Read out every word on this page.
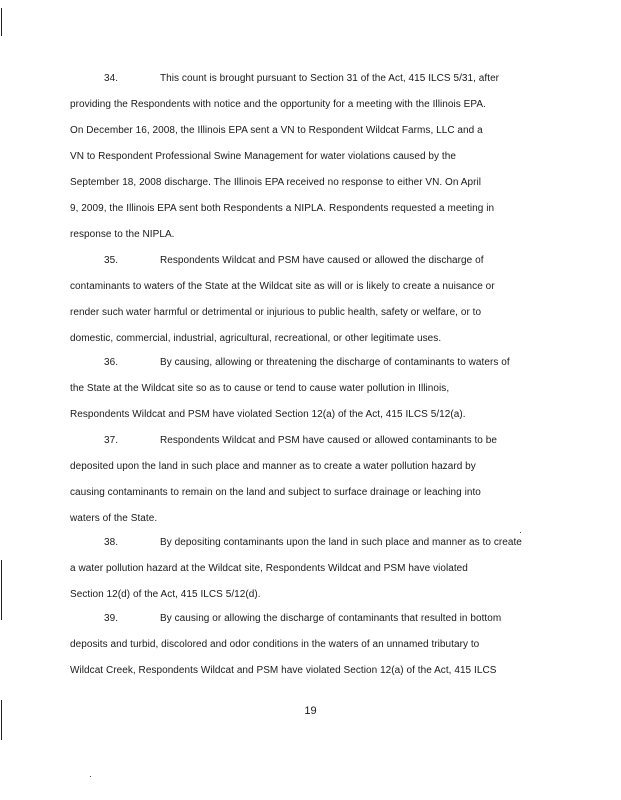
34.	This count is brought pursuant to Section 31 of the Act, 415 ILCS 5/31, after
providing the Respondents with notice and the opportunity for a meeting with the Illinois EPA.
On December 16, 2008, the Illinois EPA sent a VN to Respondent Wildcat Farms, LLC and a
VN to Respondent Professional Swine Management for water violations caused by the
September 18, 2008 discharge. The Illinois EPA received no response to either VN. On April
9, 2009, the Illinois EPA sent both Respondents a NIPLA. Respondents requested a meeting in
response to the NIPLA.
35.	Respondents Wildcat and PSM have caused or allowed the discharge of
contaminants to waters of the State at the Wildcat site as will or is likely to create a nuisance or
render such water harmful or detrimental or injurious to public health, safety or welfare, or to
domestic, commercial, industrial, agricultural, recreational, or other legitimate uses.
36.	By causing, allowing or threatening the discharge of contaminants to waters of
the State at the Wildcat site so as to cause or tend to cause water pollution in Illinois,
Respondents Wildcat and PSM have violated Section 12(a) of the Act, 415 ILCS 5/12(a).
37.	Respondents Wildcat and PSM have caused or allowed contaminants to be
deposited upon the land in such place and manner as to create a water pollution hazard by
causing contaminants to remain on the land and subject to surface drainage or leaching into
waters of the State.
38.	By depositing contaminants upon the land in such place and manner as to create
a water pollution hazard at the Wildcat site, Respondents Wildcat and PSM have violated
Section 12(d) of the Act, 415 ILCS 5/12(d).
39.	By causing or allowing the discharge of contaminants that resulted in bottom
deposits and turbid, discolored and odor conditions in the waters of an unnamed tributary to
Wildcat Creek, Respondents Wildcat and PSM have violated Section 12(a) of the Act, 415 ILCS
19
